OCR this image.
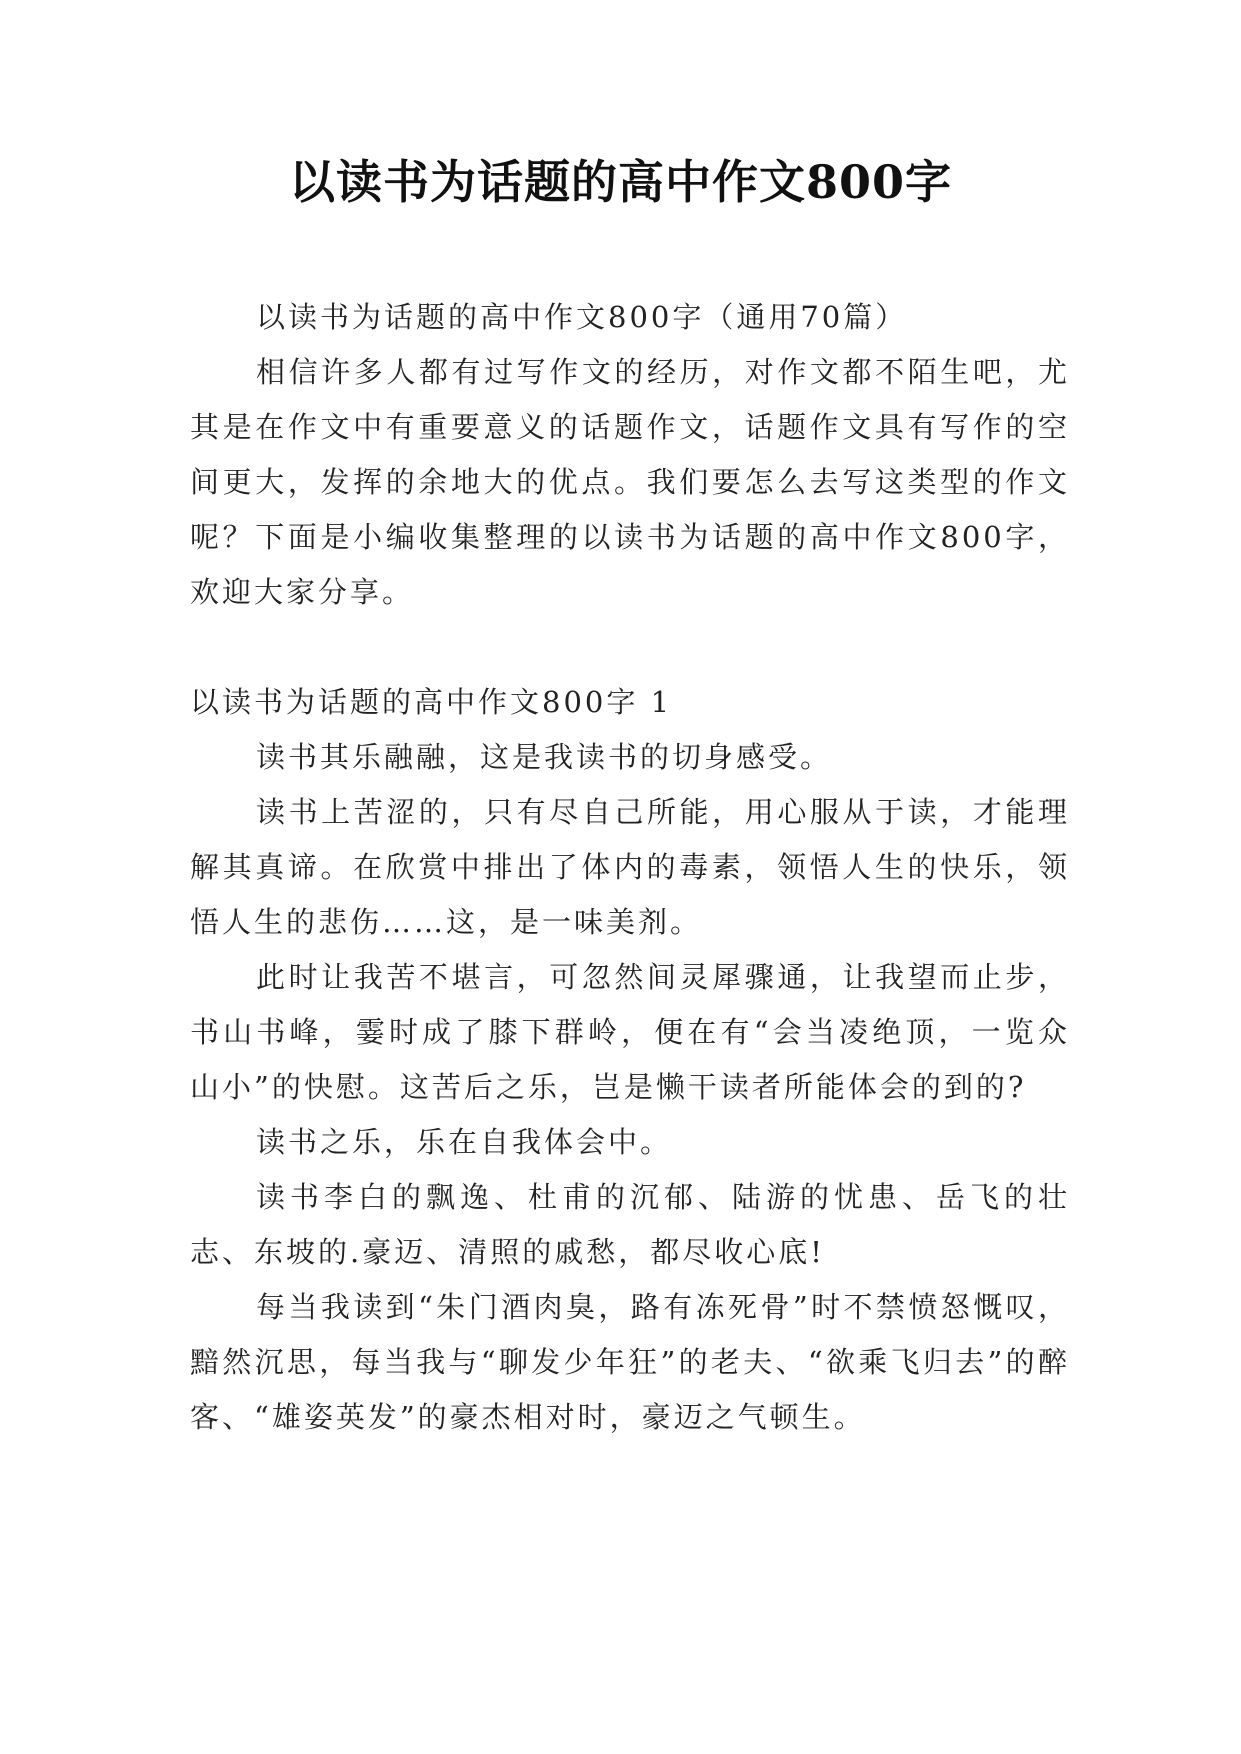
以读书为话题的高中作文800字

以读书为话题的高中作文800字（通用70篇）

相信许多人都有过写作文的经历，对作文都不陌生吧，尤其是在作文中有重要意义的话题作文，话题作文具有写作的空间更大，发挥的余地大的优点。我们要怎么去写这类型的作文呢？下面是小编收集整理的以读书为话题的高中作文800字，欢迎大家分享。

以读书为话题的高中作文800字 1

读书其乐融融，这是我读书的切身感受。

读书上苦涩的，只有尽自己所能，用心服从于读，才能理解其真谛。在欣赏中排出了体内的毒素，领悟人生的快乐，领悟人生的悲伤……这，是一味美剂。

此时让我苦不堪言，可忽然间灵犀骤通，让我望而止步，书山书峰，霎时成了膝下群岭，便在有“会当凌绝顶，一览众山小”的快慰。这苦后之乐，岂是懒干读者所能体会的到的?

读书之乐，乐在自我体会中。

读书李白的飘逸、杜甫的沉郁、陆游的忧患、岳飞的壮志、东坡的.豪迈、清照的戚愁，都尽收心底!

每当我读到“朱门酒肉臭，路有冻死骨”时不禁愤怒慨叹，黯然沉思，每当我与“聊发少年狂”的老夫、“欲乘飞归去”的醉客、“雄姿英发”的豪杰相对时，豪迈之气顿生。
